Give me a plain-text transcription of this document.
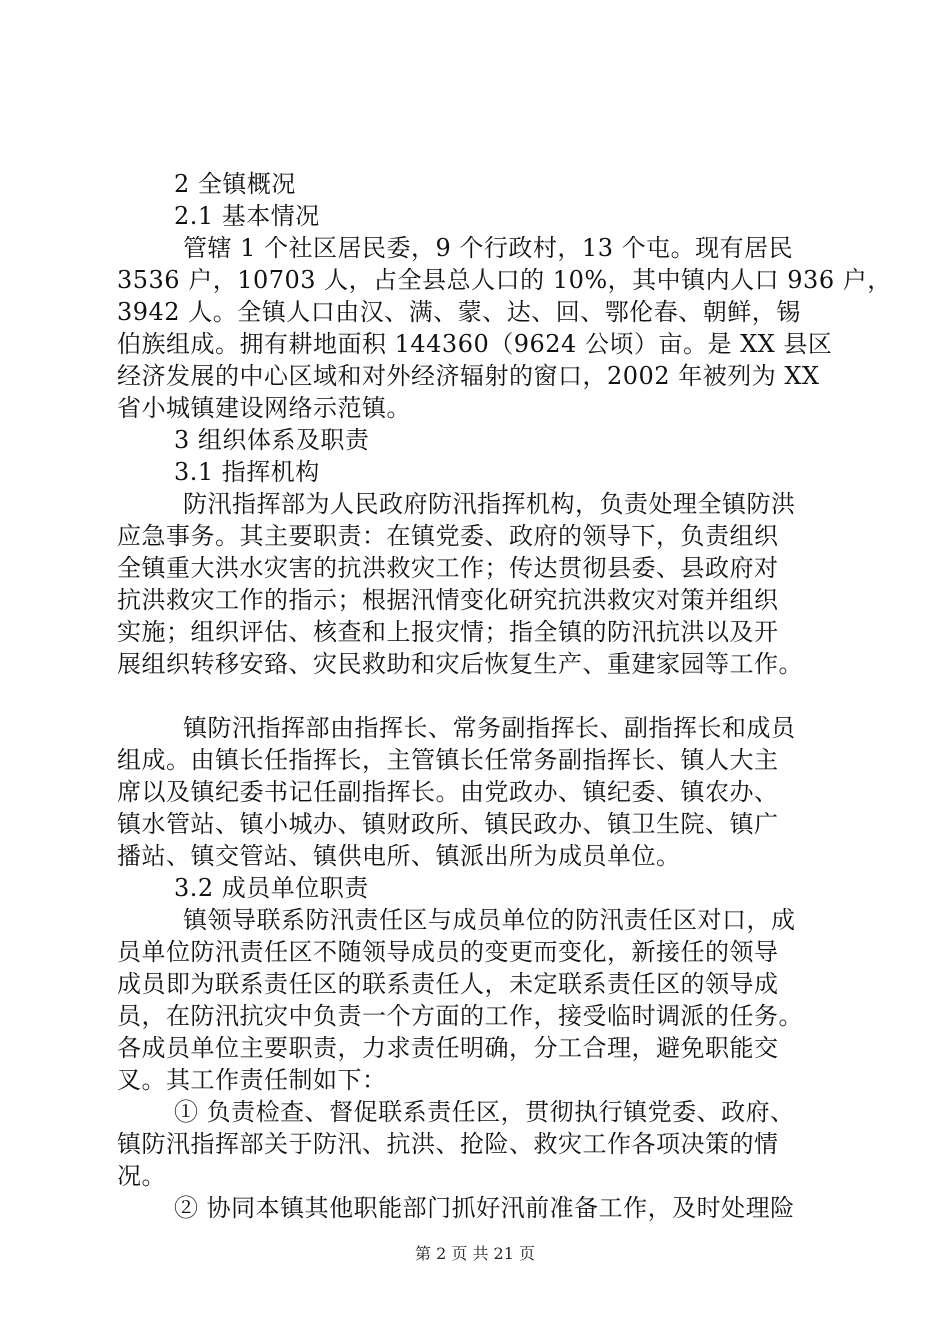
2 全镇概况
2.1 基本情况
管辖 1 个社区居民委，9 个行政村，13 个屯。现有居民
3536 户，10703 人，占全县总人口的 10%，其中镇内人口 936 户，
3942 人。全镇人口由汉、满、蒙、达、回、鄂伦春、朝鲜，锡
伯族组成。拥有耕地面积 144360（9624 公顷）亩。是 XX 县区
经济发展的中心区域和对外经济辐射的窗口，2002 年被列为 XX
省小城镇建设网络示范镇。
3 组织体系及职责
3.1 指挥机构
防汛指挥部为人民政府防汛指挥机构，负责处理全镇防洪
应急事务。其主要职责：在镇党委、政府的领导下，负责组织
全镇重大洪水灾害的抗洪救灾工作；传达贯彻县委、县政府对
抗洪救灾工作的指示；根据汛情变化研究抗洪救灾对策并组织
实施；组织评估、核查和上报灾情；指全镇的防汛抗洪以及开
展组织转移安臵、灾民救助和灾后恢复生产、重建家园等工作。
镇防汛指挥部由指挥长、常务副指挥长、副指挥长和成员
组成。由镇长任指挥长，主管镇长任常务副指挥长、镇人大主
席以及镇纪委书记任副指挥长。由党政办、镇纪委、镇农办、
镇水管站、镇小城办、镇财政所、镇民政办、镇卫生院、镇广
播站、镇交管站、镇供电所、镇派出所为成员单位。
3.2 成员单位职责
镇领导联系防汛责任区与成员单位的防汛责任区对口，成
员单位防汛责任区不随领导成员的变更而变化，新接任的领导
成员即为联系责任区的联系责任人，未定联系责任区的领导成
员，在防汛抗灾中负责一个方面的工作，接受临时调派的任务。
各成员单位主要职责，力求责任明确，分工合理，避免职能交
叉。其工作责任制如下：
① 负责检查、督促联系责任区，贯彻执行镇党委、政府、
镇防汛指挥部关于防汛、抗洪、抢险、救灾工作各项决策的情
况。
② 协同本镇其他职能部门抓好汛前准备工作，及时处理险
第 2 页 共 21 页
